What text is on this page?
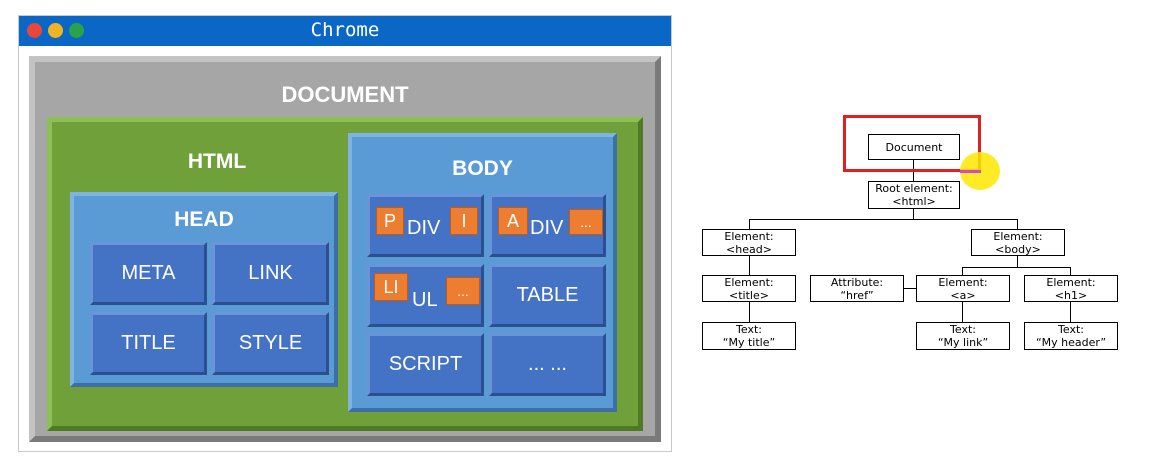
Chrome
DOCUMENT
HTML
HEAD
META	LINK
TITLE	STYLE
BODY
DIV
P	I	DIV
A	...
UL
LI	...	TABLE
SCRIPT	... ...
Document
Root element:
<html>
Element:
<head>
Element:
<body>
Element:
<title>
Attribute:
“href”
Element:
<a>
Element:
<h1>
Text:
“My title”
Text:
“My link”
Text:
“My header”
